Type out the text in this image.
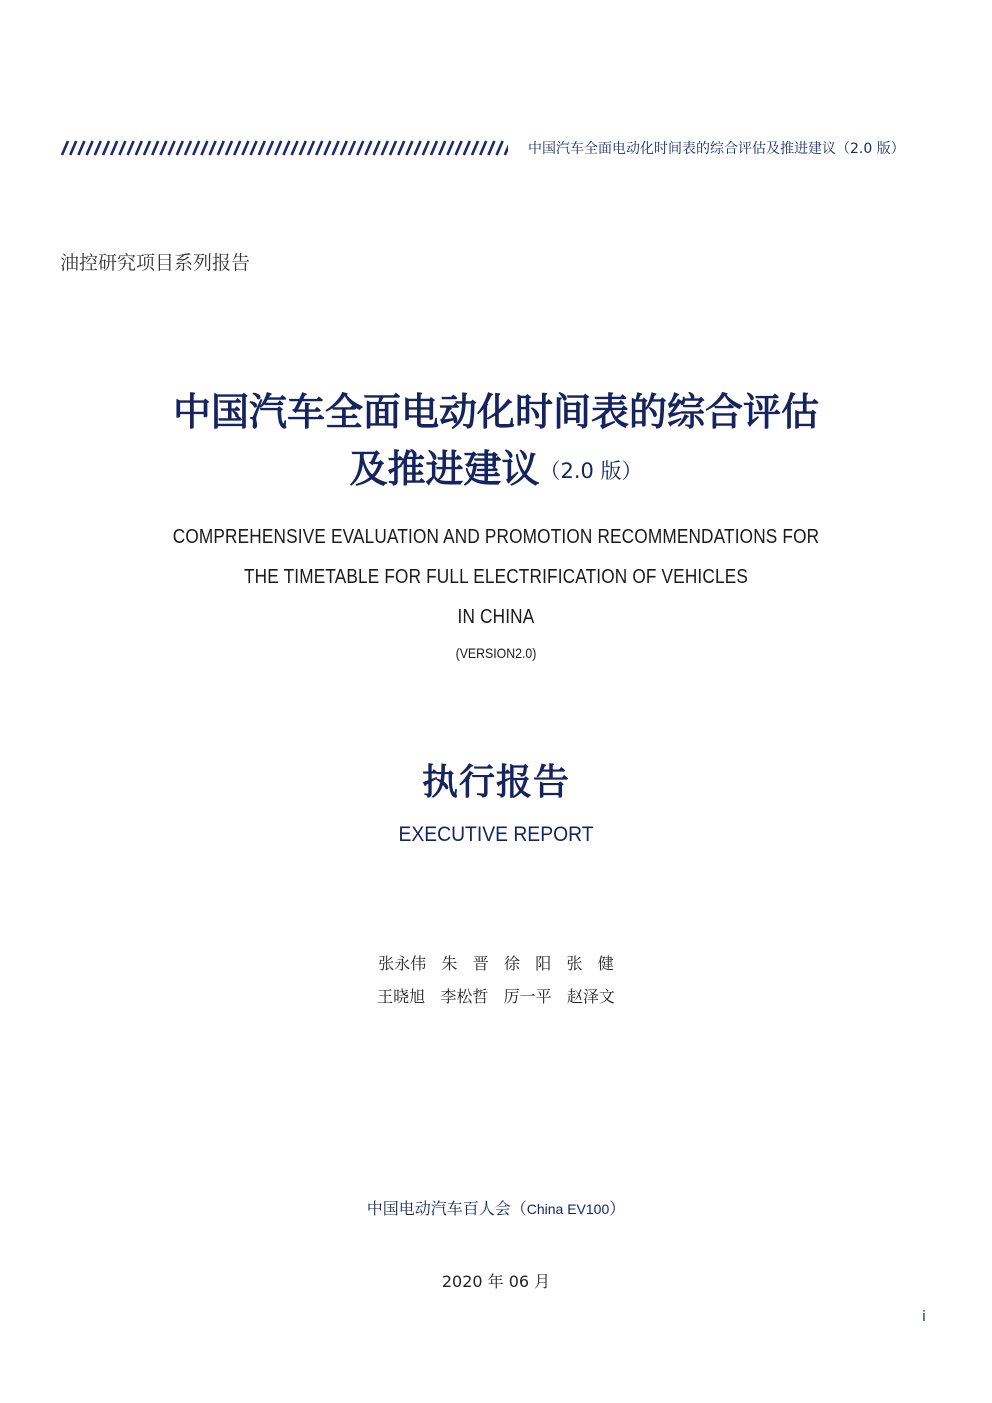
中国汽车全面电动化时间表的综合评估及推进建议（2.0 版）
油控研究项目系列报告
中国汽车全面电动化时间表的综合评估
及推进建议（2.0 版）
COMPREHENSIVE EVALUATION AND PROMOTION RECOMMENDATIONS FOR
THE TIMETABLE FOR FULL ELECTRIFICATION OF VEHICLES
IN CHINA
(VERSION2.0)
执行报告
EXECUTIVE REPORT
张永伟   朱   晋   徐   阳   张   健
王晓旭   李松哲   厉一平   赵泽文
中国电动汽车百人会（China EV100）
2020 年 06 月
i
